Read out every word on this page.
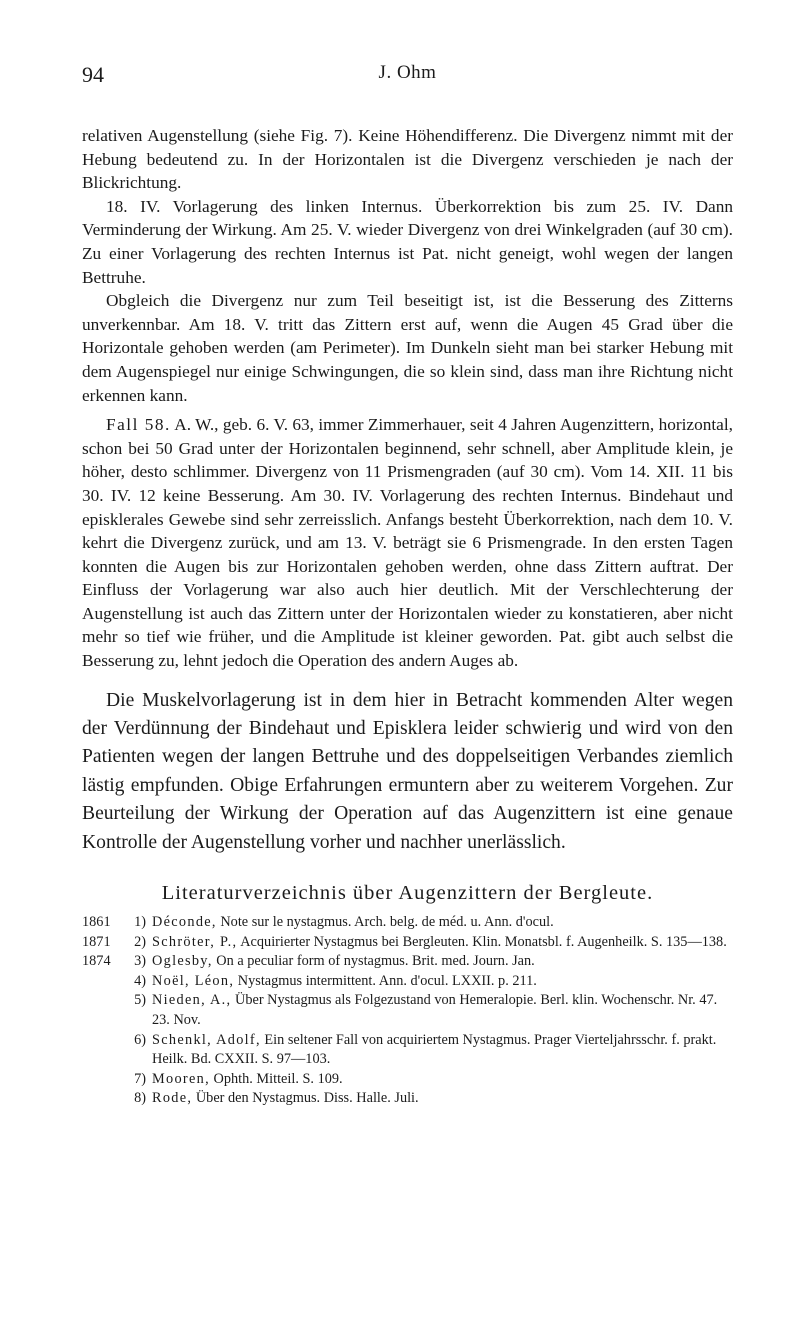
94	J. Ohm

relativen Augenstellung (siehe Fig. 7). Keine Höhendifferenz. Die Divergenz nimmt mit der Hebung bedeutend zu. In der Horizontalen ist die Divergenz verschieden je nach der Blickrichtung.

18. IV. Vorlagerung des linken Internus. Überkorrektion bis zum 25. IV. Dann Verminderung der Wirkung. Am 25. V. wieder Divergenz von drei Winkelgraden (auf 30 cm). Zu einer Vorlagerung des rechten Internus ist Pat. nicht geneigt, wohl wegen der langen Bettruhe.

Obgleich die Divergenz nur zum Teil beseitigt ist, ist die Besserung des Zitterns unverkennbar. Am 18. V. tritt das Zittern erst auf, wenn die Augen 45 Grad über die Horizontale gehoben werden (am Perimeter). Im Dunkeln sieht man bei starker Hebung mit dem Augenspiegel nur einige Schwingungen, die so klein sind, dass man ihre Richtung nicht erkennen kann.

Fall 58. A. W., geb. 6. V. 63, immer Zimmerhauer, seit 4 Jahren Augenzittern, horizontal, schon bei 50 Grad unter der Horizontalen beginnend, sehr schnell, aber Amplitude klein, je höher, desto schlimmer. Divergenz von 11 Prismengraden (auf 30 cm). Vom 14. XII. 11 bis 30. IV. 12 keine Besserung. Am 30. IV. Vorlagerung des rechten Internus. Bindehaut und episklerales Gewebe sind sehr zerreisslich. Anfangs besteht Überkorrektion, nach dem 10. V. kehrt die Divergenz zurück, und am 13. V. beträgt sie 6 Prismengrade. In den ersten Tagen konnten die Augen bis zur Horizontalen gehoben werden, ohne dass Zittern auftrat. Der Einfluss der Vorlagerung war also auch hier deutlich. Mit der Verschlechterung der Augenstellung ist auch das Zittern unter der Horizontalen wieder zu konstatieren, aber nicht mehr so tief wie früher, und die Amplitude ist kleiner geworden. Pat. gibt auch selbst die Besserung zu, lehnt jedoch die Operation des andern Auges ab.

Die Muskelvorlagerung ist in dem hier in Betracht kommenden Alter wegen der Verdünnung der Bindehaut und Episklera leider schwierig und wird von den Patienten wegen der langen Bettruhe und des doppelseitigen Verbandes ziemlich lästig empfunden. Obige Erfahrungen ermuntern aber zu weiterem Vorgehen. Zur Beurteilung der Wirkung der Operation auf das Augenzittern ist eine genaue Kontrolle der Augenstellung vorher und nachher unerlässlich.

Literaturverzeichnis über Augenzittern der Bergleute.
1861	1) Déconde, Note sur le nystagmus. Arch. belg. de méd. u. Ann. d'ocul.
1871	2) Schröter, P., Acquirierter Nystagmus bei Bergleuten. Klin. Monatsbl. f. Augenheilk. S. 135—138.
1874	3) Oglesby, On a peculiar form of nystagmus. Brit. med. Journ. Jan.
4) Noël, Léon, Nystagmus intermittent. Ann. d'ocul. LXXII. p. 211.
5) Nieden, A., Über Nystagmus als Folgezustand von Hemeralopie. Berl. klin. Wochenschr. Nr. 47. 23. Nov.
6) Schenkl, Adolf, Ein seltener Fall von acquiriertem Nystagmus. Prager Vierteljahrsschr. f. prakt. Heilk. Bd. CXXII. S. 97—103.
7) Mooren, Ophth. Mitteil. S. 109.
8) Rode, Über den Nystagmus. Diss. Halle. Juli.
